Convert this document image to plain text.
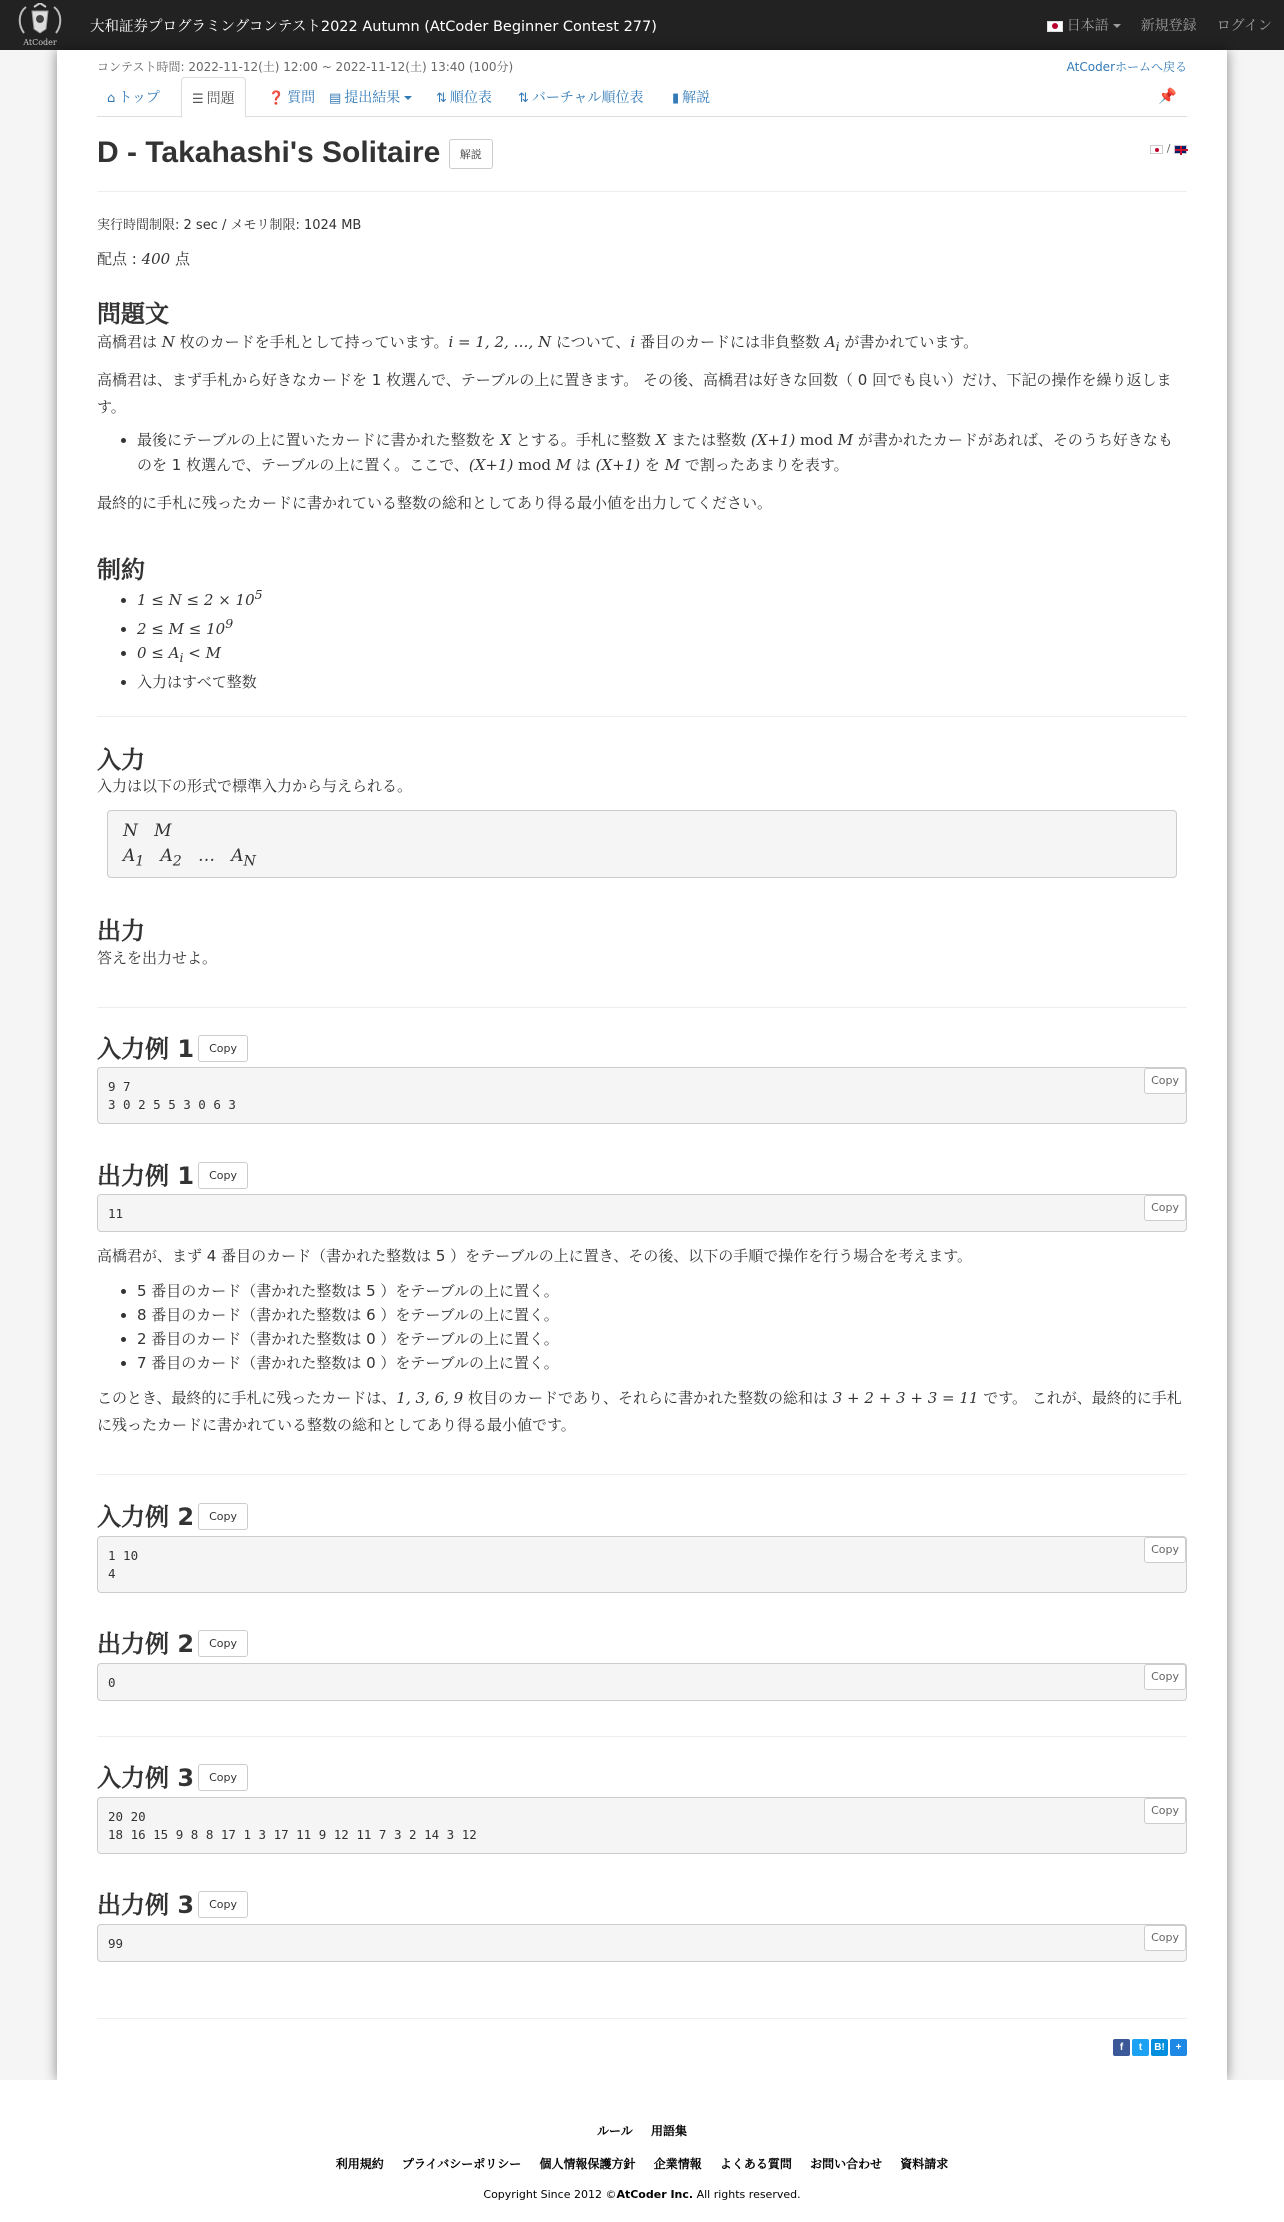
AtCoder
大和証券プログラミングコンテスト2022 Autumn (AtCoder Beginner Contest 277)	日本語	新規登録 ログイン
コンテスト時間: 2022-11-12(土) 12:00 ~ 2022-11-12(土) 13:40 (100分)	AtCoderホームへ戻る
⌂ トップ	☰ 問題	❓ 質問	▤ 提出結果	⇅ 順位表	⇅ バーチャル順位表	▮ 解説	📌
D - Takahashi's Solitaire 解説	/
実行時間制限: 2 sec / メモリ制限: 1024 MB
配点 : 400 点
問題文
高橋君は N 枚のカードを手札として持っています。i = 1, 2, …, N について、i 番目のカードには非負整数 $A_i$ が書かれています。
高橋君は、まず手札から好きなカードを 1 枚選んで、テーブルの上に置きます。 その後、高橋君は好きな回数（ 0 回でも良い）だけ、下記の操作を繰り返します。
• 最後にテーブルの上に置いたカードに書かれた整数を X とする。手札に整数 X または整数 (X+1) mod M が書かれたカードがあれば、そのうち好きなものを 1 枚選んで、テーブルの上に置く。ここで、(X+1) mod M は (X+1) を M で割ったあまりを表す。
最終的に手札に残ったカードに書かれている整数の総和としてあり得る最小値を出力してください。
制約
• $1 \le N \le 2 \times 10^5$
• $2 \le M \le 10^9$
• $0 \le A_i < M$
• 入力はすべて整数
入力
入力は以下の形式で標準入力から与えられる。
N   M
$A_1$   $A_2$   …   $A_N$
出力
答えを出力せよ。
入力例 1 Copy
9 7
3 0 2 5 5 3 0 6 3
Copy
出力例 1 Copy
11	Copy
高橋君が、まず 4 番目のカード（書かれた整数は 5 ）をテーブルの上に置き、その後、以下の手順で操作を行う場合を考えます。
• 5 番目のカード（書かれた整数は 5 ）をテーブルの上に置く。
• 8 番目のカード（書かれた整数は 6 ）をテーブルの上に置く。
• 2 番目のカード（書かれた整数は 0 ）をテーブルの上に置く。
• 7 番目のカード（書かれた整数は 0 ）をテーブルの上に置く。
このとき、最終的に手札に残ったカードは、1, 3, 6, 9 枚目のカードであり、それらに書かれた整数の総和は 3 + 2 + 3 + 3 = 11 です。 これが、最終的に手札に残ったカードに書かれている整数の総和としてあり得る最小値です。
入力例 2 Copy
1 10
4
Copy
出力例 2 Copy
0	Copy
入力例 3 Copy
20 20
18 16 15 9 8 8 17 1 3 17 11 9 12 11 7 3 2 14 3 12
Copy
出力例 3 Copy
99	Copy
f	t	B!	+
ルール 用語集
利用規約 プライバシーポリシー 個人情報保護方針 企業情報 よくある質問 お問い合わせ 資料請求
Copyright Since 2012 ©AtCoder Inc. All rights reserved.
